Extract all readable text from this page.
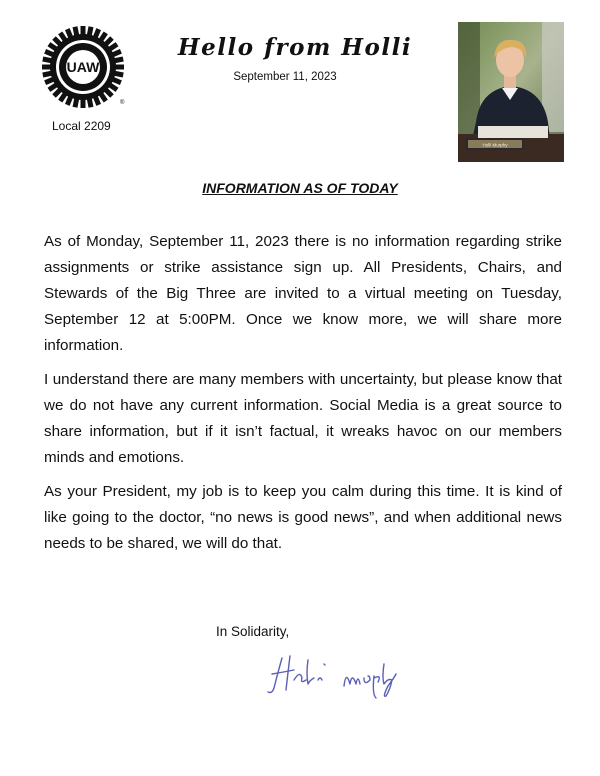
UAW
®
Local 2209
Hello from Holli
September 11, 2023
Holli Murphy
INFORMATION AS OF TODAY

As of Monday, September 11, 2023 there is no information regarding strike assignments or strike assistance sign up. All Presidents, Chairs, and Stewards of the Big Three are invited to a virtual meeting on Tuesday, September 12 at 5:00PM. Once we know more, we will share more information.

I understand there are many members with uncertainty, but please know that we do not have any current information. Social Media is a great source to share information, but if it isn’t factual, it wreaks havoc on our members minds and emotions.

As your President, my job is to keep you calm during this time. It is kind of like going to the doctor, “no news is good news”, and when additional news needs to be shared, we will do that.

In Solidarity,
